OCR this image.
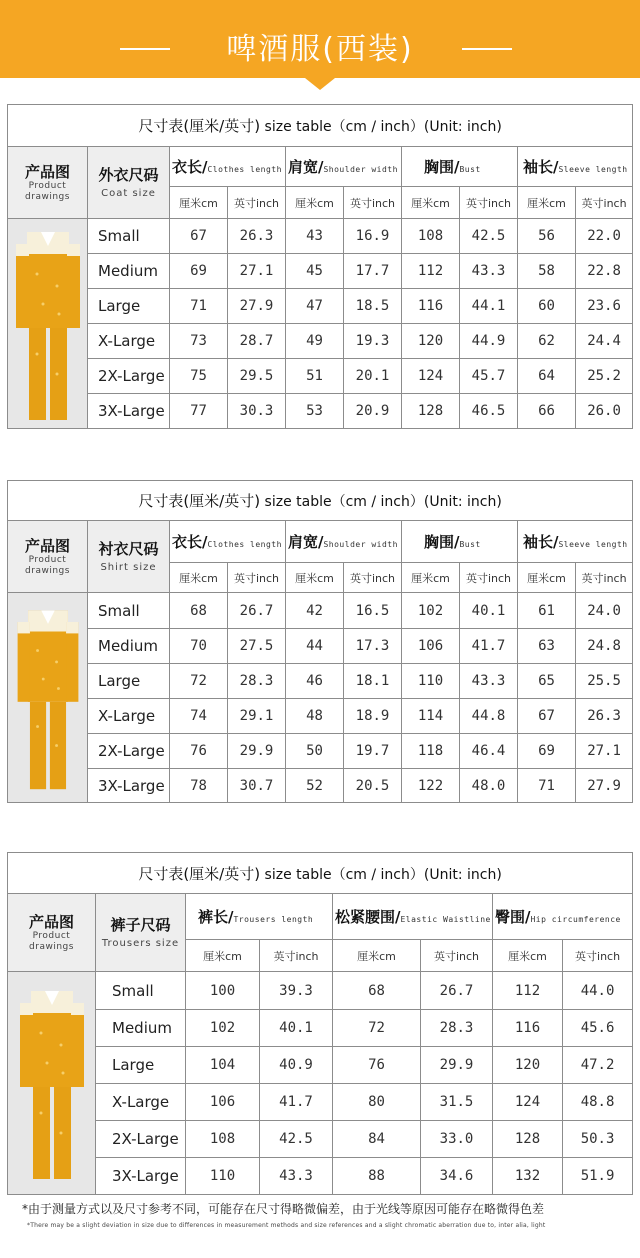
啤酒服(西装)
尺寸表(厘米/英寸) size table（cm / inch）(Unit: inch)									

产品图
Product
drawings	外衣尺码
Coat size	衣长/Clothes length		肩宽/Shoulder width		胸围/Bust		袖长/Sleeve length	
		厘米cm	英寸inch	厘米cm	英寸inch	厘米cm	英寸inch	厘米cm	英寸inch

	Small	67	26.3	43	16.9	108	42.5	56	22.0
	Medium	69	27.1	45	17.7	112	43.3	58	22.8
	Large	71	27.9	47	18.5	116	44.1	60	23.6
	X-Large	73	28.7	49	19.3	120	44.9	62	24.4
	2X-Large	75	29.5	51	20.1	124	45.7	64	25.2
	3X-Large	77	30.3	53	20.9	128	46.5	66	26.0
尺寸表(厘米/英寸) size table（cm / inch）(Unit: inch)									

产品图
Product
drawings	衬衣尺码
Shirt size	衣长/Clothes length		肩宽/Shoulder width		胸围/Bust		袖长/Sleeve length	
		厘米cm	英寸inch	厘米cm	英寸inch	厘米cm	英寸inch	厘米cm	英寸inch

	Small	68	26.7	42	16.5	102	40.1	61	24.0
	Medium	70	27.5	44	17.3	106	41.7	63	24.8
	Large	72	28.3	46	18.1	110	43.3	65	25.5
	X-Large	74	29.1	48	18.9	114	44.8	67	26.3
	2X-Large	76	29.9	50	19.7	118	46.4	69	27.1
	3X-Large	78	30.7	52	20.5	122	48.0	71	27.9
尺寸表(厘米/英寸) size table（cm / inch）(Unit: inch)							

产品图
Product
drawings	裤子尺码
Trousers size	裤长/Trousers length		松紧腰围/Elastic Waistline		臀围/Hip circumference	
		厘米cm	英寸inch	厘米cm	英寸inch	厘米cm	英寸inch

	Small	100	39.3	68	26.7	112	44.0
	Medium	102	40.1	72	28.3	116	45.6
	Large	104	40.9	76	29.9	120	47.2
	X-Large	106	41.7	80	31.5	124	48.8
	2X-Large	108	42.5	84	33.0	128	50.3
	3X-Large	110	43.3	88	34.6	132	51.9
*由于测量方式以及尺寸参考不同，可能存在尺寸得略微偏差，由于光线等原因可能存在略微得色差
*There may be a slight deviation in size due to differences in measurement methods and size references and a slight chromatic aberration due to, inter alia, light
